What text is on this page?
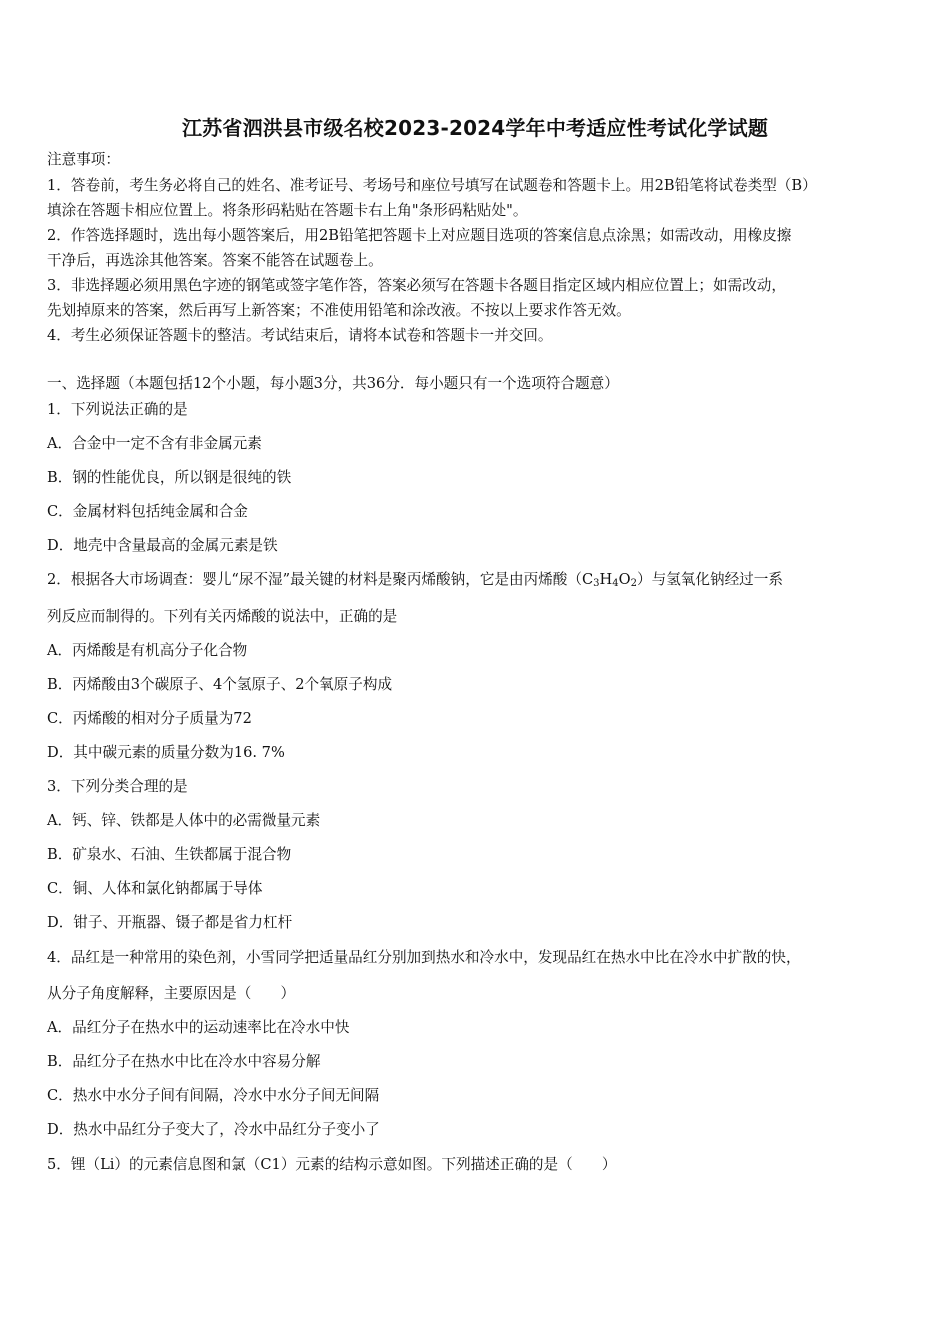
江苏省泗洪县市级名校2023-2024学年中考适应性考试化学试题
注意事项：
1．答卷前，考生务必将自己的姓名、准考证号、考场号和座位号填写在试题卷和答题卡上。用2B铅笔将试卷类型（B）
填涂在答题卡相应位置上。将条形码粘贴在答题卡右上角"条形码粘贴处"。
2．作答选择题时，选出每小题答案后，用2B铅笔把答题卡上对应题目选项的答案信息点涂黑；如需改动，用橡皮擦
干净后，再选涂其他答案。答案不能答在试题卷上。
3．非选择题必须用黑色字迹的钢笔或签字笔作答，答案必须写在答题卡各题目指定区域内相应位置上；如需改动，
先划掉原来的答案，然后再写上新答案；不准使用铅笔和涂改液。不按以上要求作答无效。
4．考生必须保证答题卡的整洁。考试结束后，请将本试卷和答题卡一并交回。
一、选择题（本题包括12个小题，每小题3分，共36分．每小题只有一个选项符合题意）
1．下列说法正确的是
A．合金中一定不含有非金属元素
B．钢的性能优良，所以钢是很纯的铁
C．金属材料包括纯金属和合金
D．地壳中含量最高的金属元素是铁
2．根据各大市场调查：婴儿“尿不湿”最关键的材料是聚丙烯酸钠，它是由丙烯酸$(C_3H_4O_2)$与氢氧化钠经过一系
列反应而制得的。下列有关丙烯酸的说法中，正确的是
A．丙烯酸是有机高分子化合物
B．丙烯酸由3个碳原子、4个氢原子、2个氧原子构成
C．丙烯酸的相对分子质量为72
D．其中碳元素的质量分数为16. 7%
3．下列分类合理的是
A．钙、锌、铁都是人体中的必需微量元素
B．矿泉水、石油、生铁都属于混合物
C．铜、人体和氯化钠都属于导体
D．钳子、开瓶器、镊子都是省力杠杆
4．品红是一种常用的染色剂，小雪同学把适量品红分别加到热水和冷水中，发现品红在热水中比在冷水中扩散的快，
从分子角度解释，主要原因是（　　）
A．品红分子在热水中的运动速率比在冷水中快
B．品红分子在热水中比在冷水中容易分解
C．热水中水分子间有间隔，冷水中水分子间无间隔
D．热水中品红分子变大了，冷水中品红分子变小了
5．锂（Li）的元素信息图和氯（C1）元素的结构示意如图。下列描述正确的是（　　）
